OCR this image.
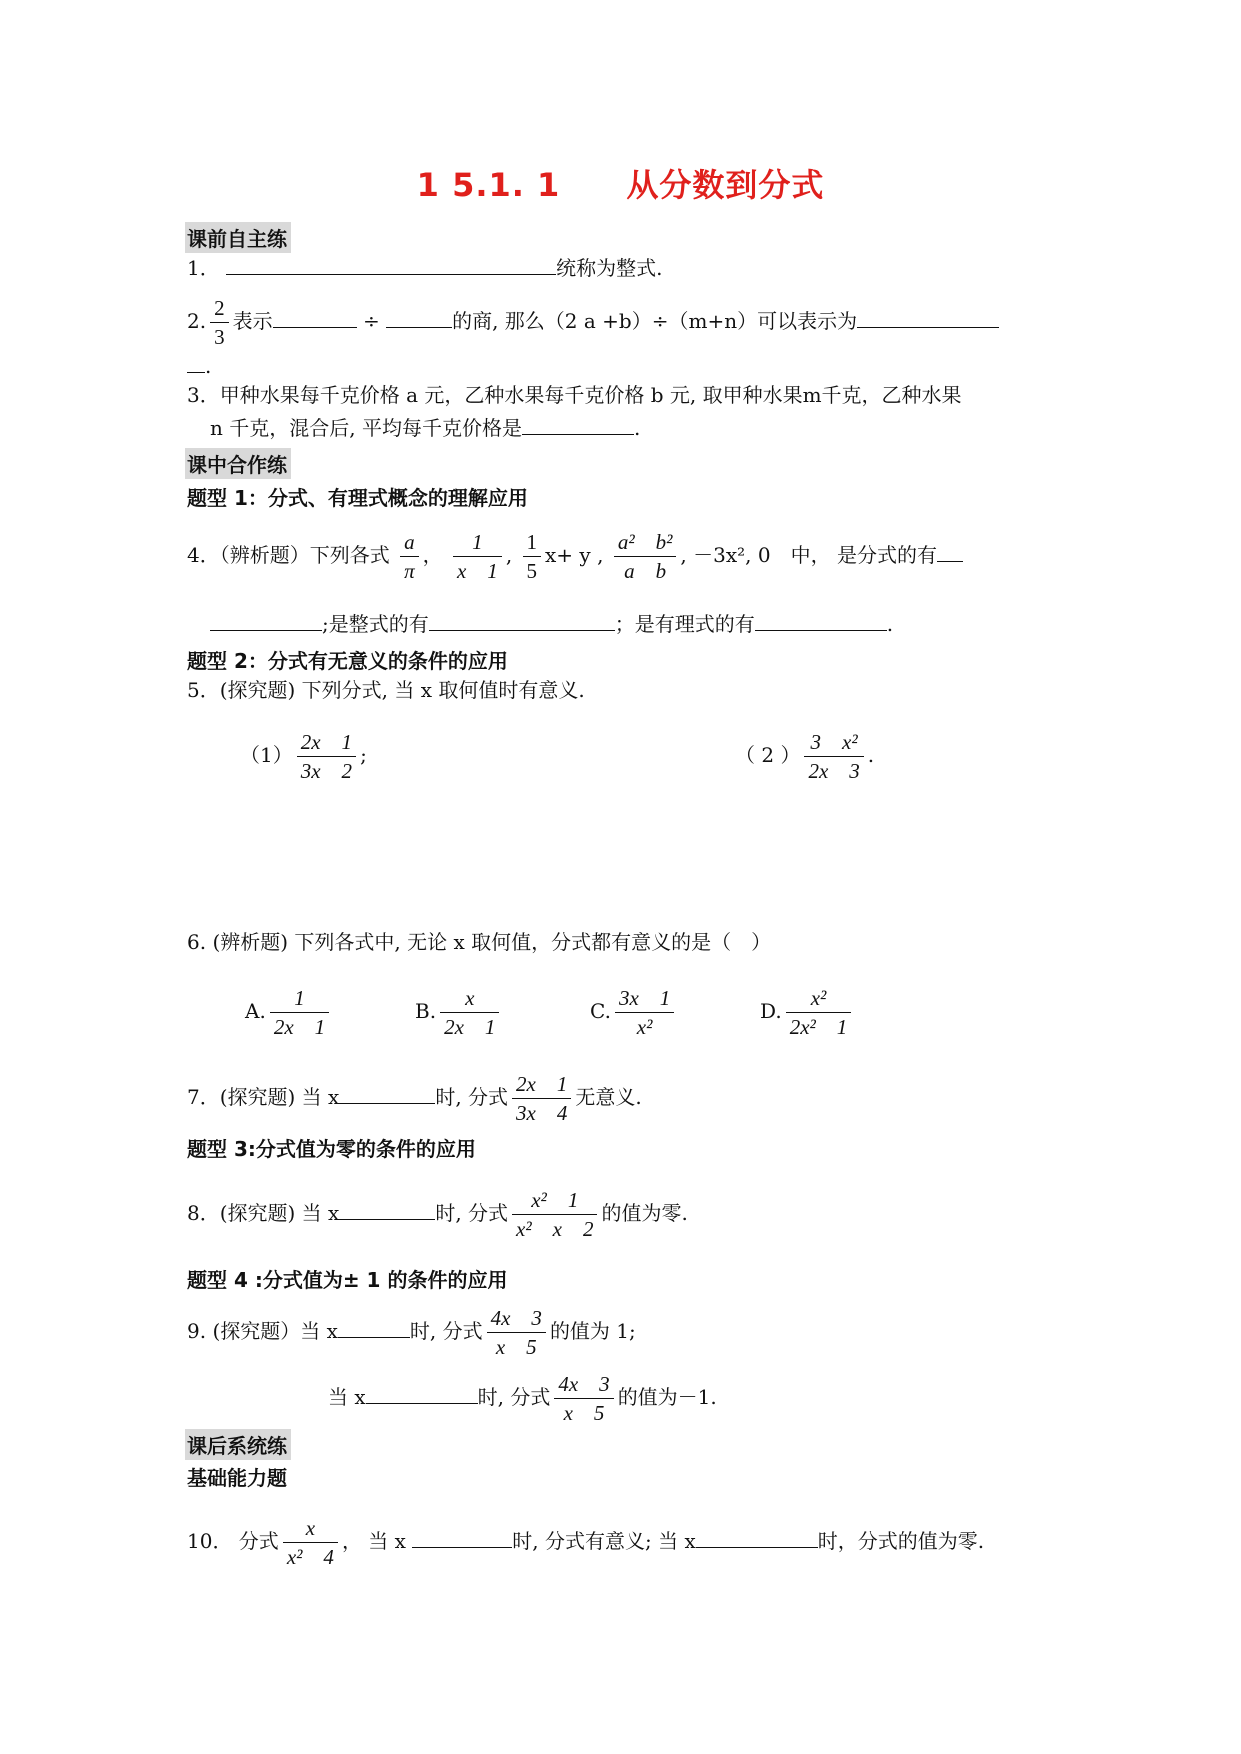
1 5.1. 1　　从分数到分式
课前自主练
1．	统称为整式.
2. $\frac{2}{3}$ 表示	÷	的商, 那么（2 a +b）÷（m+n）可以表示为
.
3．甲种水果每千克价格 a 元，乙种水果每千克价格 b 元, 取甲种水果m千克，乙种水果
n 千克，混合后, 平均每千克价格是	.
课中合作练
题型 1：分式、有理式概念的理解应用
4．（辨析题）下列各式 $\frac{a}{\pi}$ ， $\frac{1}{x 1}$ , $\frac{1}{5} x+ y$ , $\frac{\text{a²　b²}}{\text{a　b}}$ , －3x², 0　中， 是分式的有
;是整式的有	；是有理式的有	.
题型 2：分式有无意义的条件的应用
5．(探究题) 下列分式, 当 x 取何值时有意义.
$(1) \frac{2x 1}{3x 2}$ ;	（ 2 ） $\frac{\text{3　x²}}{2x 3}$ .
6. (辨析题) 下列各式中, 无论 x 取何值，分式都有意义的是（　）
A. $\frac{1}{2x 1}$	B. $\frac{x}{2x 1}$	C. $\frac{3x 1}{\text{x²}}$	D. $\frac{\text{x²}}{\text{2x²　1}}$
7．(探究题) 当 x	时, 分式 $\frac{2x 1}{3x 4}$ 无意义.
题型 3:分式值为零的条件的应用
8．(探究题) 当 x	时, 分式 $\frac{\text{x²　1}}{\text{x²　x　2}}$ 的值为零.
题型 4 :分式值为± 1 的条件的应用
9. (探究题）当 x	时, 分式 $\frac{4x 3}{x 5}$ 的值为 1;
当 x	时, 分式 $\frac{4x 3}{x 5}$ 的值为－1.
课后系统练
基础能力题
10． 分式 $\frac{x}{\text{x²　4}}$ ， 当 x	时, 分式有意义; 当 x	时，分式的值为零.
